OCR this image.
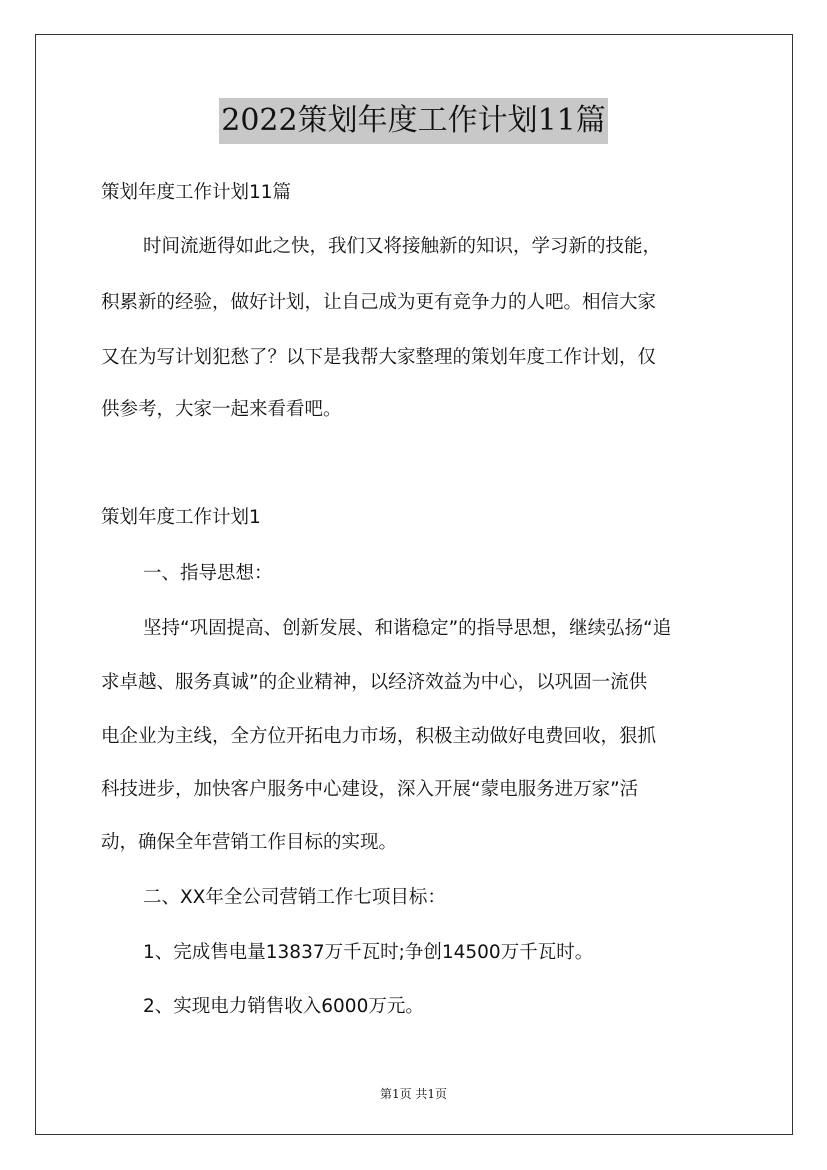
2022策划年度工作计划11篇
策划年度工作计划11篇
时间流逝得如此之快，我们又将接触新的知识，学习新的技能，
积累新的经验，做好计划，让自己成为更有竞争力的人吧。相信大家
又在为写计划犯愁了？以下是我帮大家整理的策划年度工作计划，仅
供参考，大家一起来看看吧。
策划年度工作计划1
一、指导思想：
坚持“巩固提高、创新发展、和谐稳定”的指导思想，继续弘扬“追
求卓越、服务真诚”的企业精神，以经济效益为中心，以巩固一流供
电企业为主线，全方位开拓电力市场，积极主动做好电费回收，狠抓
科技进步，加快客户服务中心建设，深入开展“蒙电服务进万家”活
动，确保全年营销工作目标的实现。
二、XX年全公司营销工作七项目标：
1、完成售电量13837万千瓦时;争创14500万千瓦时。
2、实现电力销售收入6000万元。
第1页 共1页
